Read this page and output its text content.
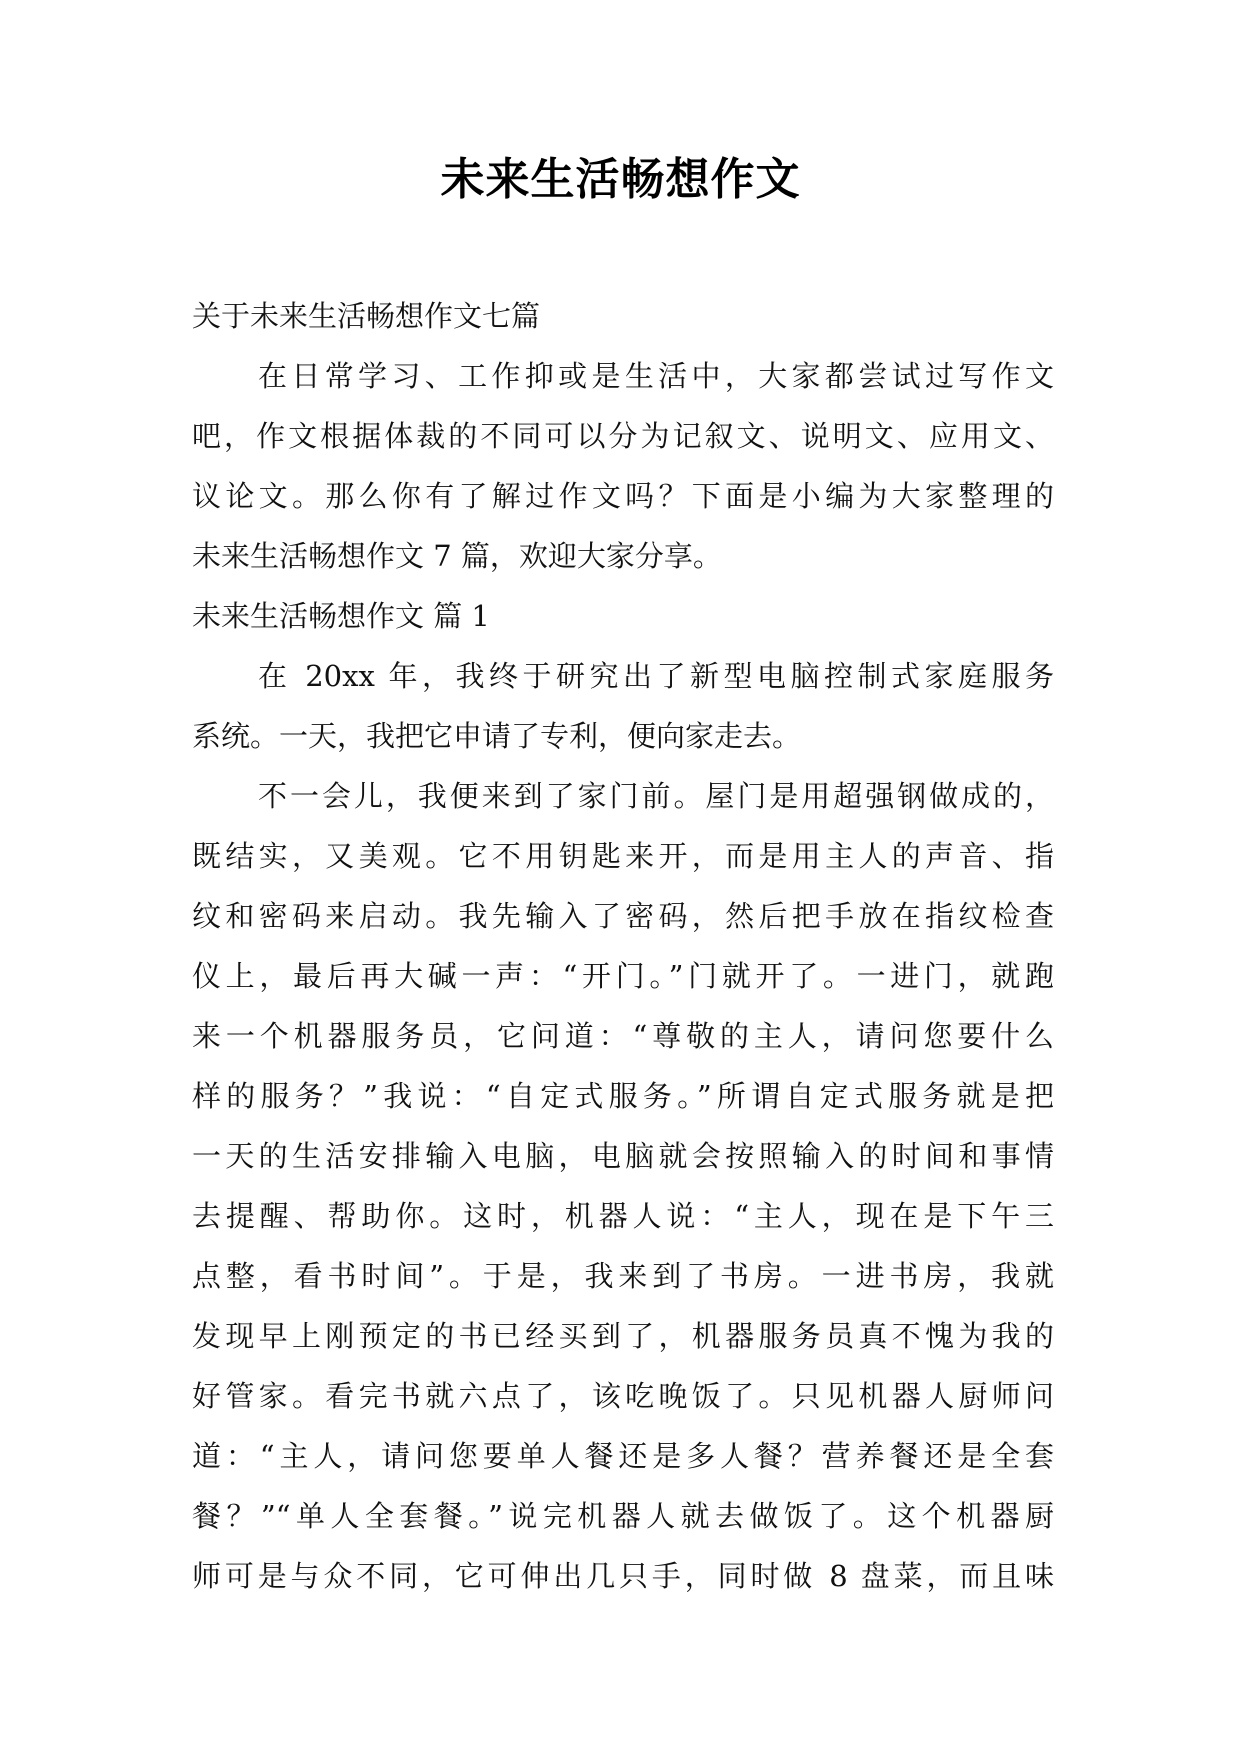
未来生活畅想作文

关于未来生活畅想作文七篇

在日常学习、工作抑或是生活中，大家都尝试过写作文

吧，作文根据体裁的不同可以分为记叙文、说明文、应用文、

议论文。那么你有了解过作文吗？下面是小编为大家整理的

未来生活畅想作文 7 篇，欢迎大家分享。

未来生活畅想作文 篇 1

在 20xx 年，我终于研究出了新型电脑控制式家庭服务

系统。一天，我把它申请了专利，便向家走去。

不一会儿，我便来到了家门前。屋门是用超强钢做成的，

既结实，又美观。它不用钥匙来开，而是用主人的声音、指

纹和密码来启动。我先输入了密码，然后把手放在指纹检查

仪上，最后再大碱一声：“开门。”门就开了。一进门，就跑

来一个机器服务员，它问道：“尊敬的主人，请问您要什么

样的服务？”我说：“自定式服务。”所谓自定式服务就是把

一天的生活安排输入电脑，电脑就会按照输入的时间和事情

去提醒、帮助你。这时，机器人说：“主人，现在是下午三

点整，看书时间”。于是，我来到了书房。一进书房，我就

发现早上刚预定的书已经买到了，机器服务员真不愧为我的

好管家。看完书就六点了，该吃晚饭了。只见机器人厨师问

道：“主人，请问您要单人餐还是多人餐？营养餐还是全套

餐？”“单人全套餐。”说完机器人就去做饭了。这个机器厨

师可是与众不同，它可伸出几只手，同时做 8 盘菜，而且味
